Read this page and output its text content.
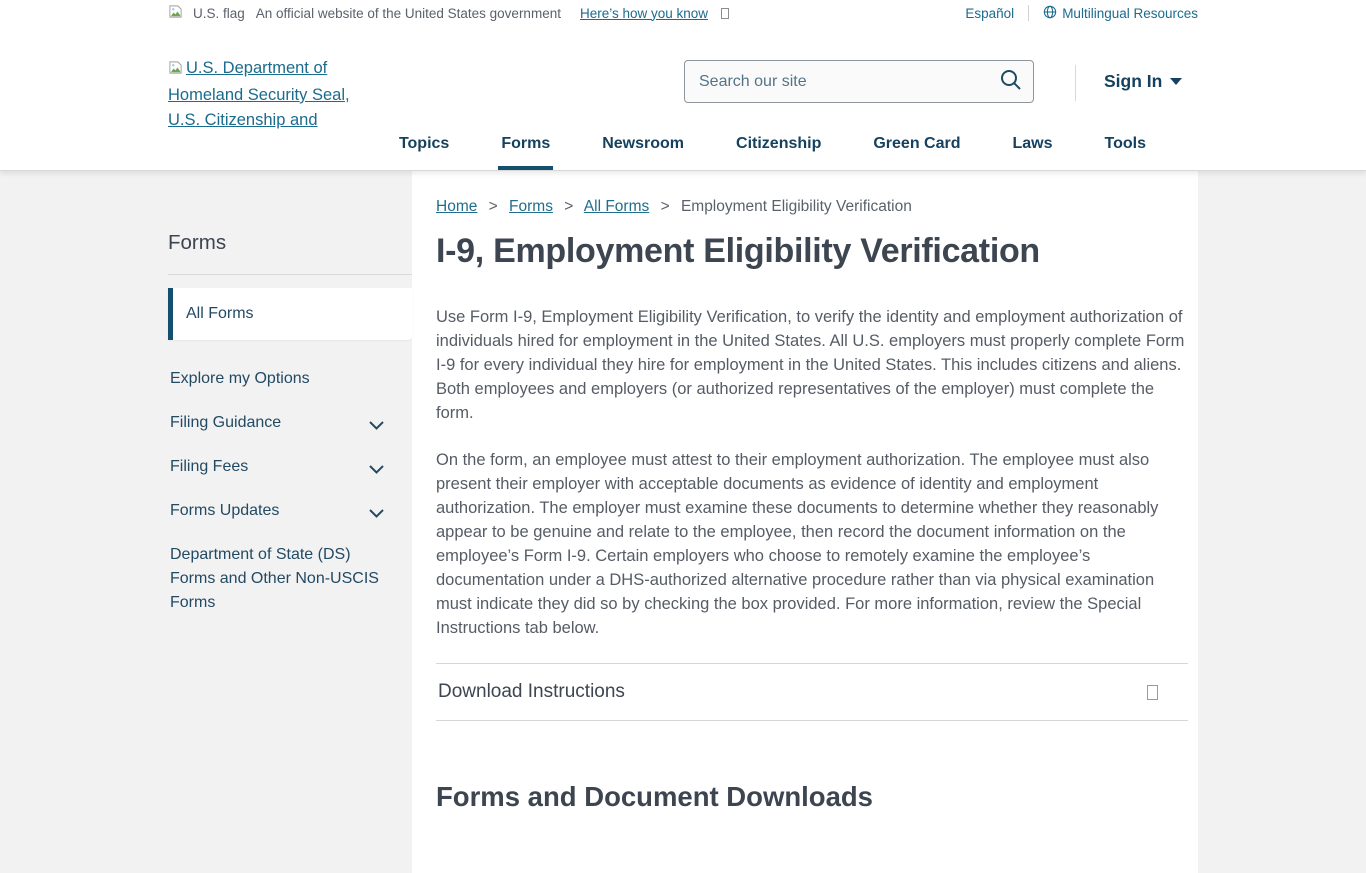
U.S. flag An official website of the United States government Here’s how you know	Español	Multilingual Resources
U.S. Department of
Homeland Security Seal,
U.S. Citizenship and
Search our site
Sign In
Topics	Forms	Newsroom	Citizenship	Green Card	Laws	Tools
Forms
All Forms
Explore my Options
Filing Guidance
Filing Fees
Forms Updates
Department of State (DS) Forms and Other Non-USCIS Forms
Home > Forms > All Forms > Employment Eligibility Verification
I-9, Employment Eligibility Verification

Use Form I-9, Employment Eligibility Verification, to verify the identity and employment authorization of individuals hired for employment in the United States. All U.S. employers must properly complete Form I-9 for every individual they hire for employment in the United States. This includes citizens and aliens. Both employees and employers (or authorized representatives of the employer) must complete the form.

On the form, an employee must attest to their employment authorization. The employee must also present their employer with acceptable documents as evidence of identity and employment authorization. The employer must examine these documents to determine whether they reasonably appear to be genuine and relate to the employee, then record the document information on the employee’s Form I-9. Certain employers who choose to remotely examine the employee’s documentation under a DHS-authorized alternative procedure rather than via physical examination must indicate they did so by checking the box provided. For more information, review the Special Instructions tab below.

Download Instructions
Forms and Document Downloads
